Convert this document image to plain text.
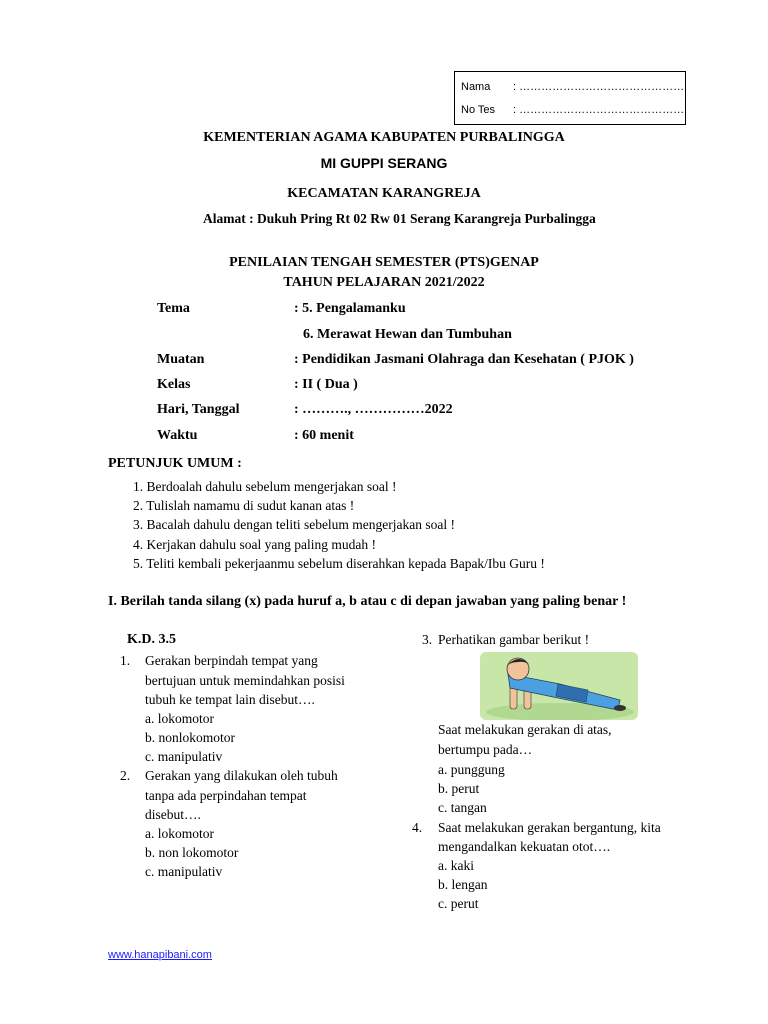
Nama : ………………………………………
No Tes : ………………………………………
KEMENTERIAN AGAMA KABUPATEN PURBALINGGA
MI GUPPI SERANG
KECAMATAN KARANGREJA
Alamat : Dukuh Pring Rt 02 Rw 01 Serang Karangreja Purbalingga
PENILAIAN TENGAH SEMESTER (PTS)GENAP
TAHUN PELAJARAN 2021/2022
Tema	: 5. Pengalamanku
6. Merawat Hewan dan Tumbuhan
Muatan	: Pendidikan Jasmani Olahraga dan Kesehatan ( PJOK )
Kelas	: II ( Dua )
Hari, Tanggal	: ………., ……………2022
Waktu	: 60 menit
PETUNJUK UMUM :
1. Berdoalah dahulu sebelum mengerjakan soal !
2. Tulislah namamu di sudut kanan atas !
3. Bacalah dahulu dengan teliti sebelum mengerjakan soal !
4. Kerjakan dahulu soal yang paling mudah !
5. Teliti kembali pekerjaanmu sebelum diserahkan kepada Bapak/Ibu Guru !
I. Berilah tanda silang (x) pada huruf a, b atau c di depan jawaban yang paling benar !
K.D. 3.5
1. Gerakan berpindah tempat yang
bertujuan untuk memindahkan posisi
tubuh ke tempat lain disebut….
a. lokomotor
b. nonlokomotor
c. manipulativ
2. Gerakan yang dilakukan oleh tubuh
tanpa ada perpindahan tempat
disebut….
a. lokomotor
b. non lokomotor
c. manipulativ
3. Perhatikan gambar berikut !
Saat melakukan gerakan di atas,
bertumpu pada…
a. punggung
b. perut
c. tangan
4. Saat melakukan gerakan bergantung, kita
mengandalkan kekuatan otot….
a. kaki
b. lengan
c. perut
www.hanapibani.com
